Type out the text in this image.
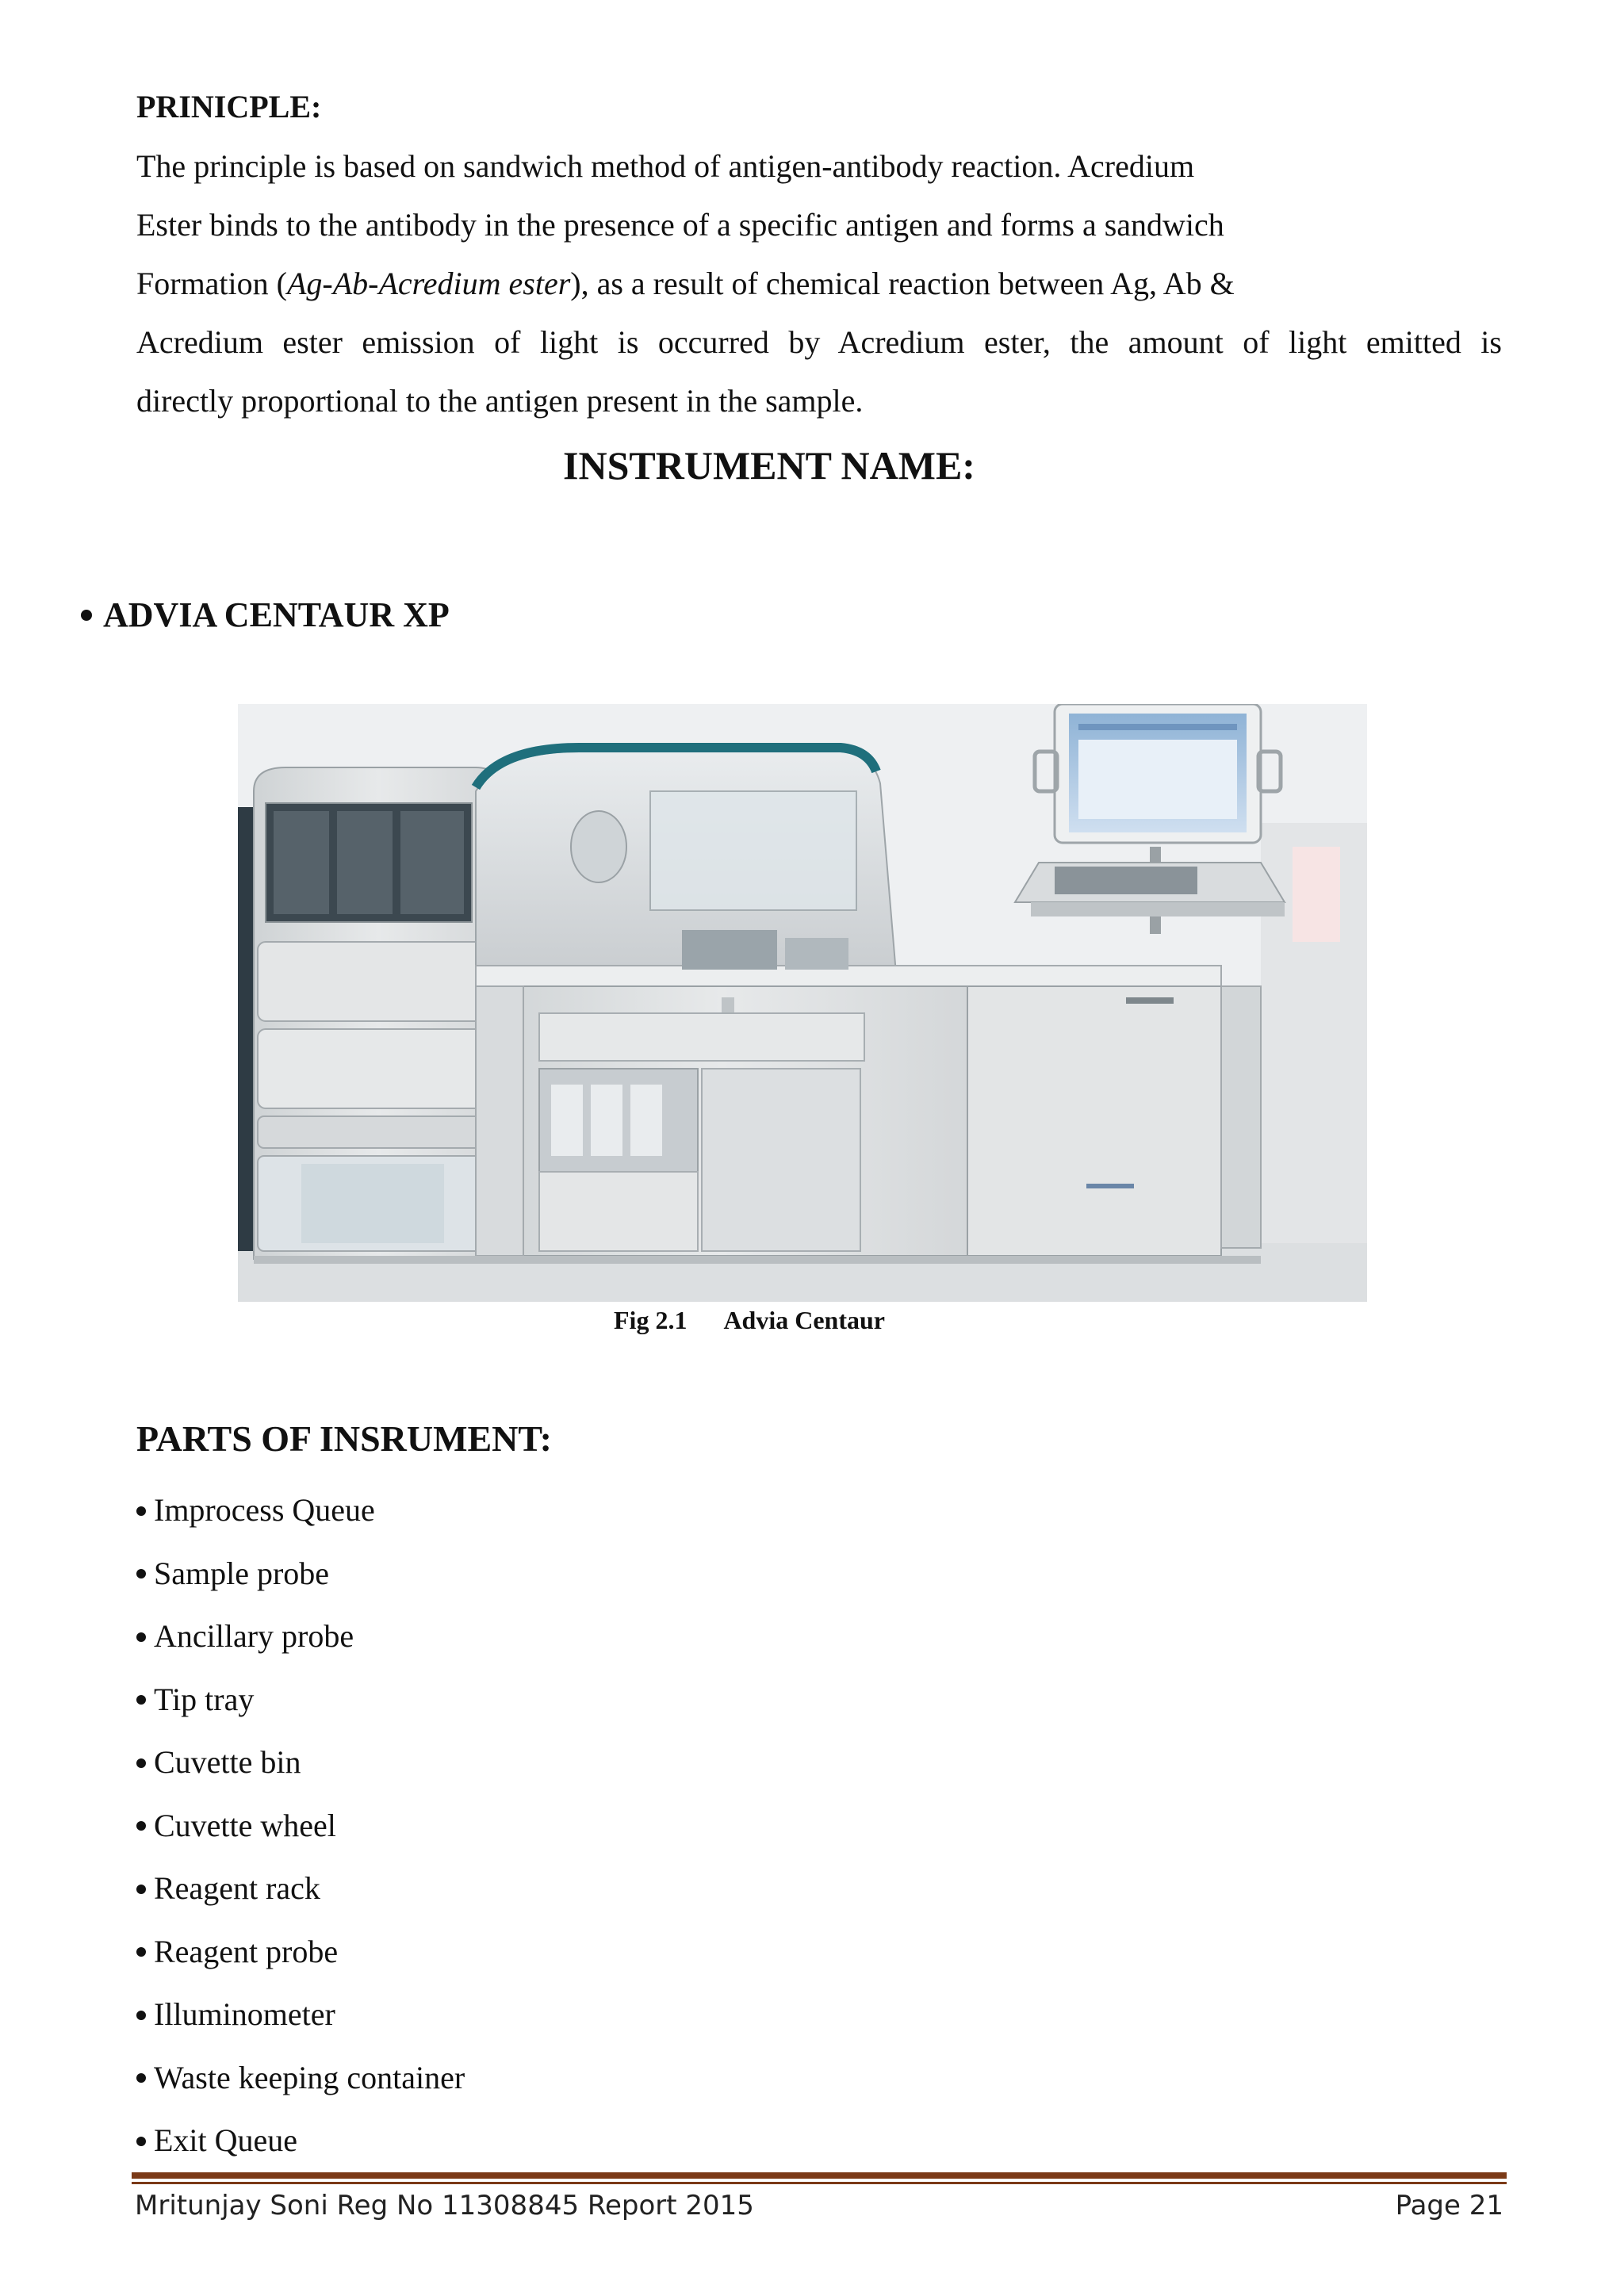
PRINICPLE:
The principle is based on sandwich method of antigen-antibody reaction. Acredium
Ester binds to the antibody in the presence of a specific antigen and forms a sandwich
Formation (Ag-Ab-Acredium ester), as a result of chemical reaction between Ag, Ab &
Acredium ester emission of light is occurred by Acredium ester, the amount of light emitted is
directly proportional to the antigen present in the sample.
INSTRUMENT NAME:
ADVIA CENTAUR XP
Fig 2.1 Advia Centaur
PARTS OF INSRUMENT:
Improcess Queue
Sample probe
Ancillary probe
Tip tray
Cuvette bin
Cuvette wheel
Reagent rack
Reagent probe
Illuminometer
Waste keeping container
Exit Queue
Mritunjay Soni Reg No 11308845 Report 2015	Page 21
